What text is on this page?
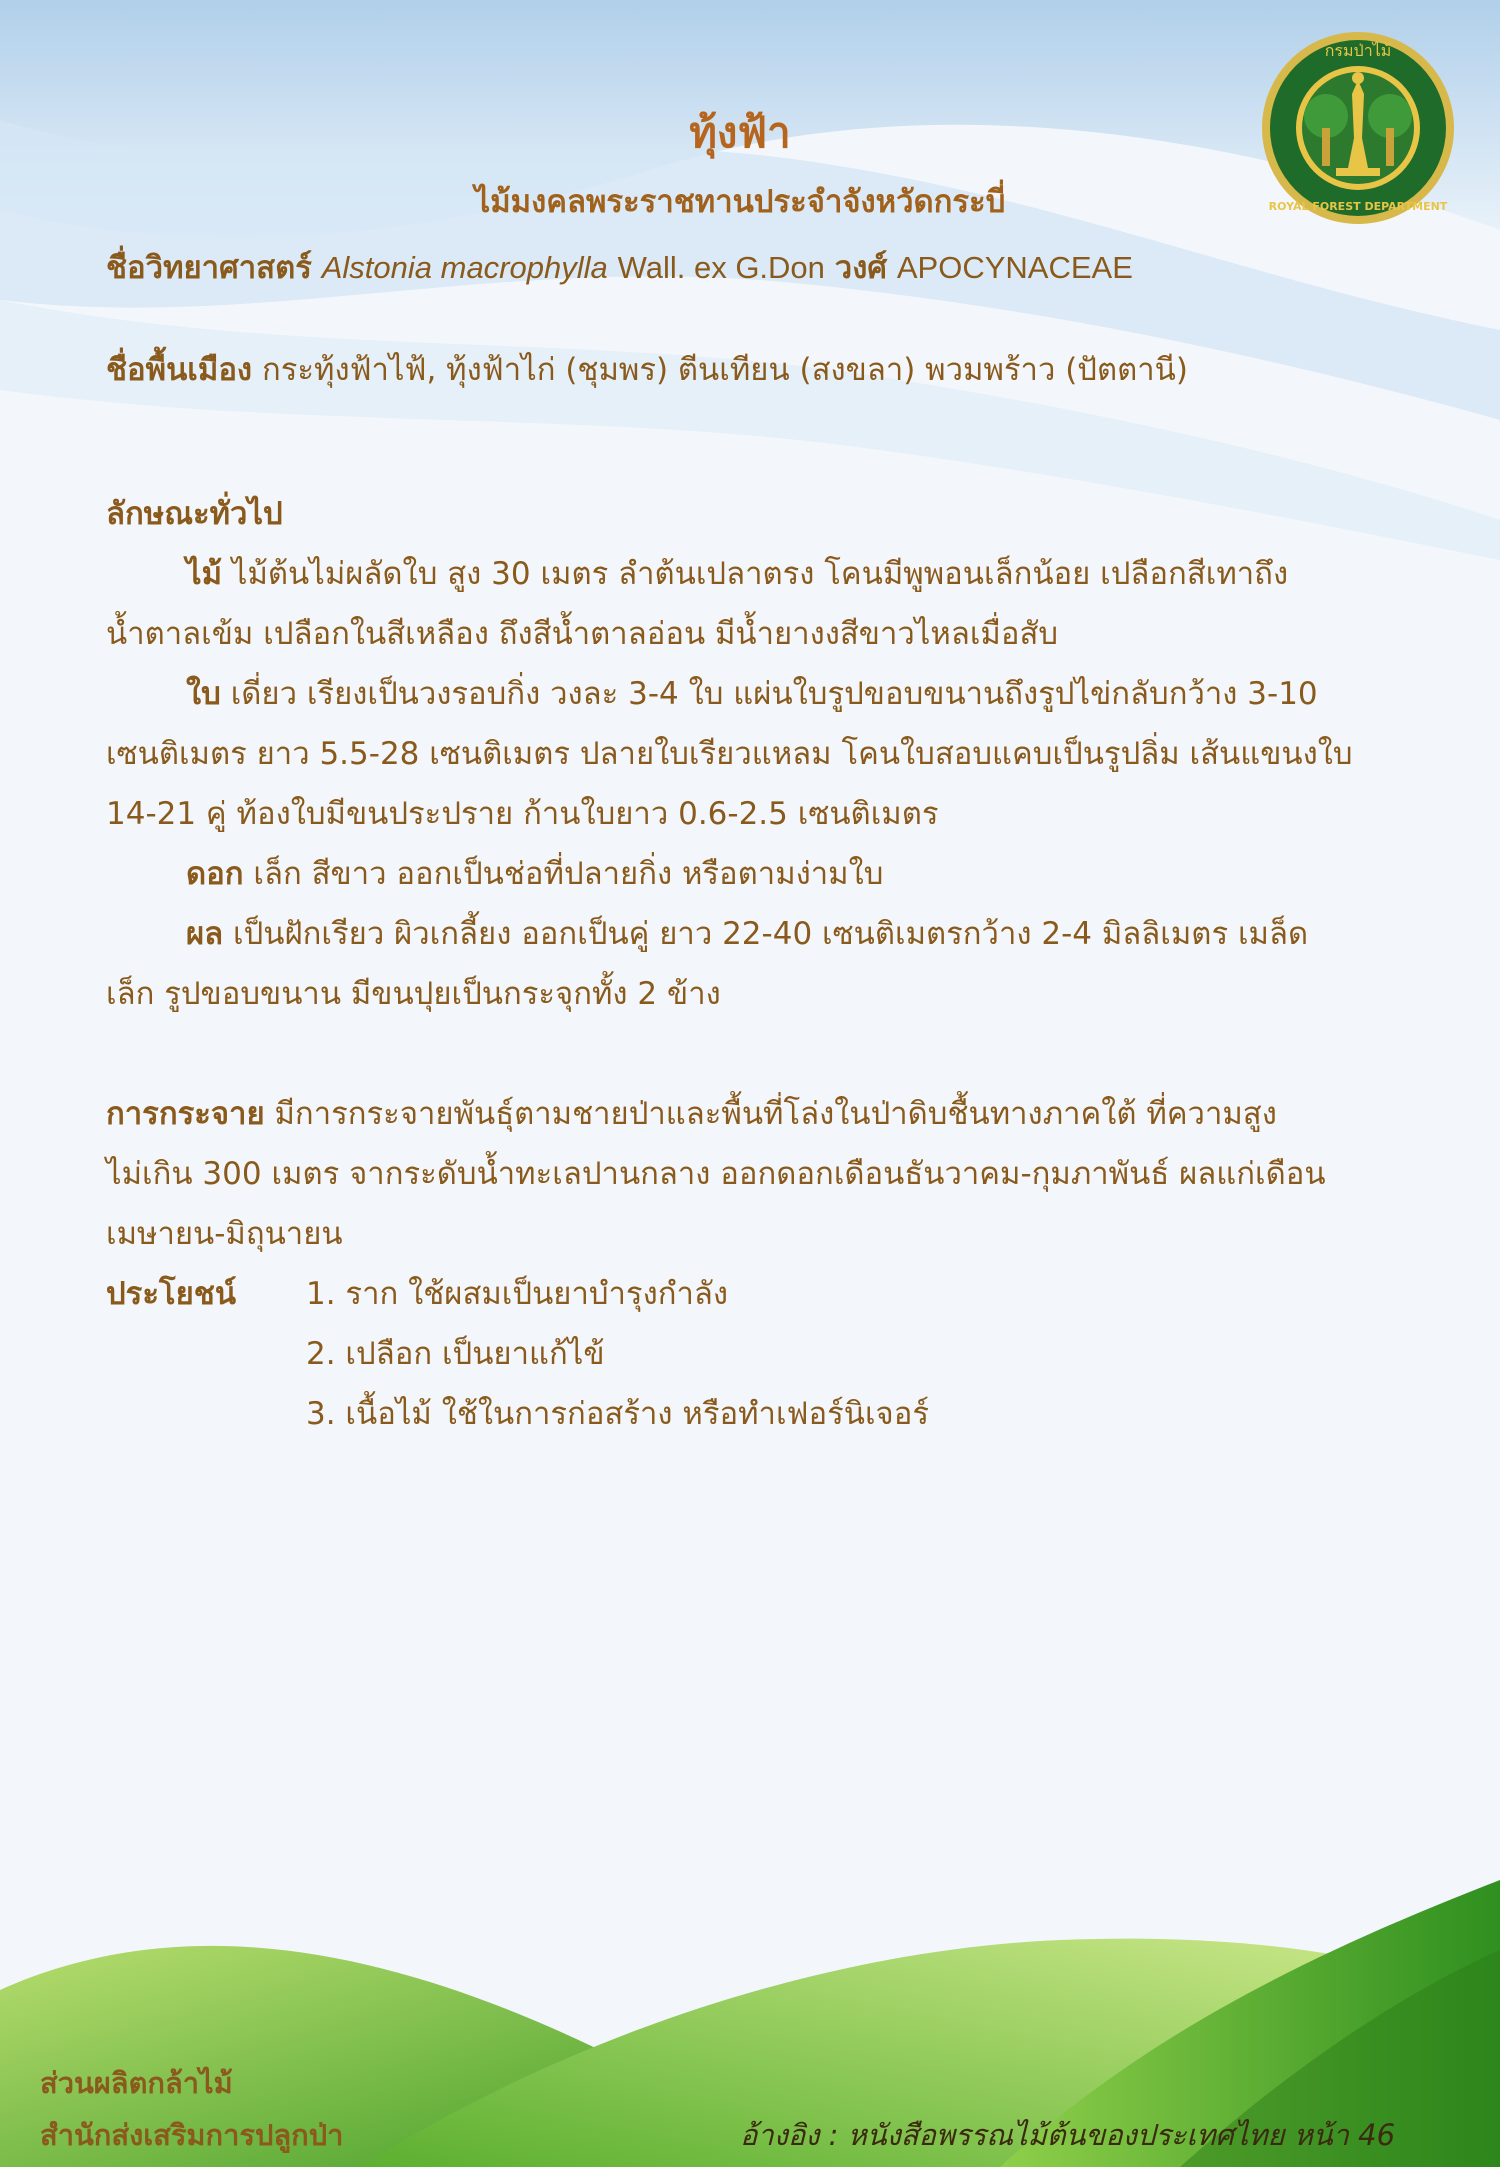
กรมป่าไม้
ROYAL FOREST DEPARTMENT
ทุ้งฟ้า
ไม้มงคลพระราชทานประจำจังหวัดกระบี่
ชื่อวิทยาศาสตร์ Alstonia macrophylla Wall. ex G.Don วงศ์ APOCYNACEAE
ชื่อพื้นเมือง กระทุ้งฟ้าไฟ้, ทุ้งฟ้าไก่ (ชุมพร) ตีนเทียน (สงขลา) พวมพร้าว (ปัตตานี)
ลักษณะทั่วไป
ไม้ ไม้ต้นไม่ผลัดใบ สูง 30 เมตร ลำต้นเปลาตรง โคนมีพูพอนเล็กน้อย เปลือกสีเทาถึง
น้ำตาลเข้ม เปลือกในสีเหลือง ถึงสีน้ำตาลอ่อน มีน้ำยางงสีขาวไหลเมื่อสับ
ใบ เดี่ยว เรียงเป็นวงรอบกิ่ง วงละ 3-4 ใบ แผ่นใบรูปขอบขนานถึงรูปไข่กลับกว้าง 3-10
เซนติเมตร ยาว 5.5-28 เซนติเมตร ปลายใบเรียวแหลม โคนใบสอบแคบเป็นรูปลิ่ม เส้นแขนงใบ
14-21 คู่ ท้องใบมีขนประปราย ก้านใบยาว 0.6-2.5 เซนติเมตร
ดอก เล็ก สีขาว ออกเป็นช่อที่ปลายกิ่ง หรือตามง่ามใบ
ผล เป็นฝักเรียว ผิวเกลี้ยง ออกเป็นคู่ ยาว 22-40 เซนติเมตรกว้าง 2-4 มิลลิเมตร เมล็ด
เล็ก รูปขอบขนาน มีขนปุยเป็นกระจุกทั้ง 2 ข้าง
การกระจาย มีการกระจายพันธุ์ตามชายป่าและพื้นที่โล่งในป่าดิบชื้นทางภาคใต้ ที่ความสูง
ไม่เกิน 300 เมตร จากระดับน้ำทะเลปานกลาง ออกดอกเดือนธันวาคม-กุมภาพันธ์ ผลแก่เดือน
เมษายน-มิถุนายน
ประโยชน์ 1. ราก ใช้ผสมเป็นยาบำรุงกำลัง
2. เปลือก เป็นยาแก้ไข้
3. เนื้อไม้ ใช้ในการก่อสร้าง หรือทำเฟอร์นิเจอร์
ส่วนผลิตกล้าไม้
สำนักส่งเสริมการปลูกป่า	อ้างอิง : หนังสือพรรณไม้ต้นของประเทศไทย หน้า 46
